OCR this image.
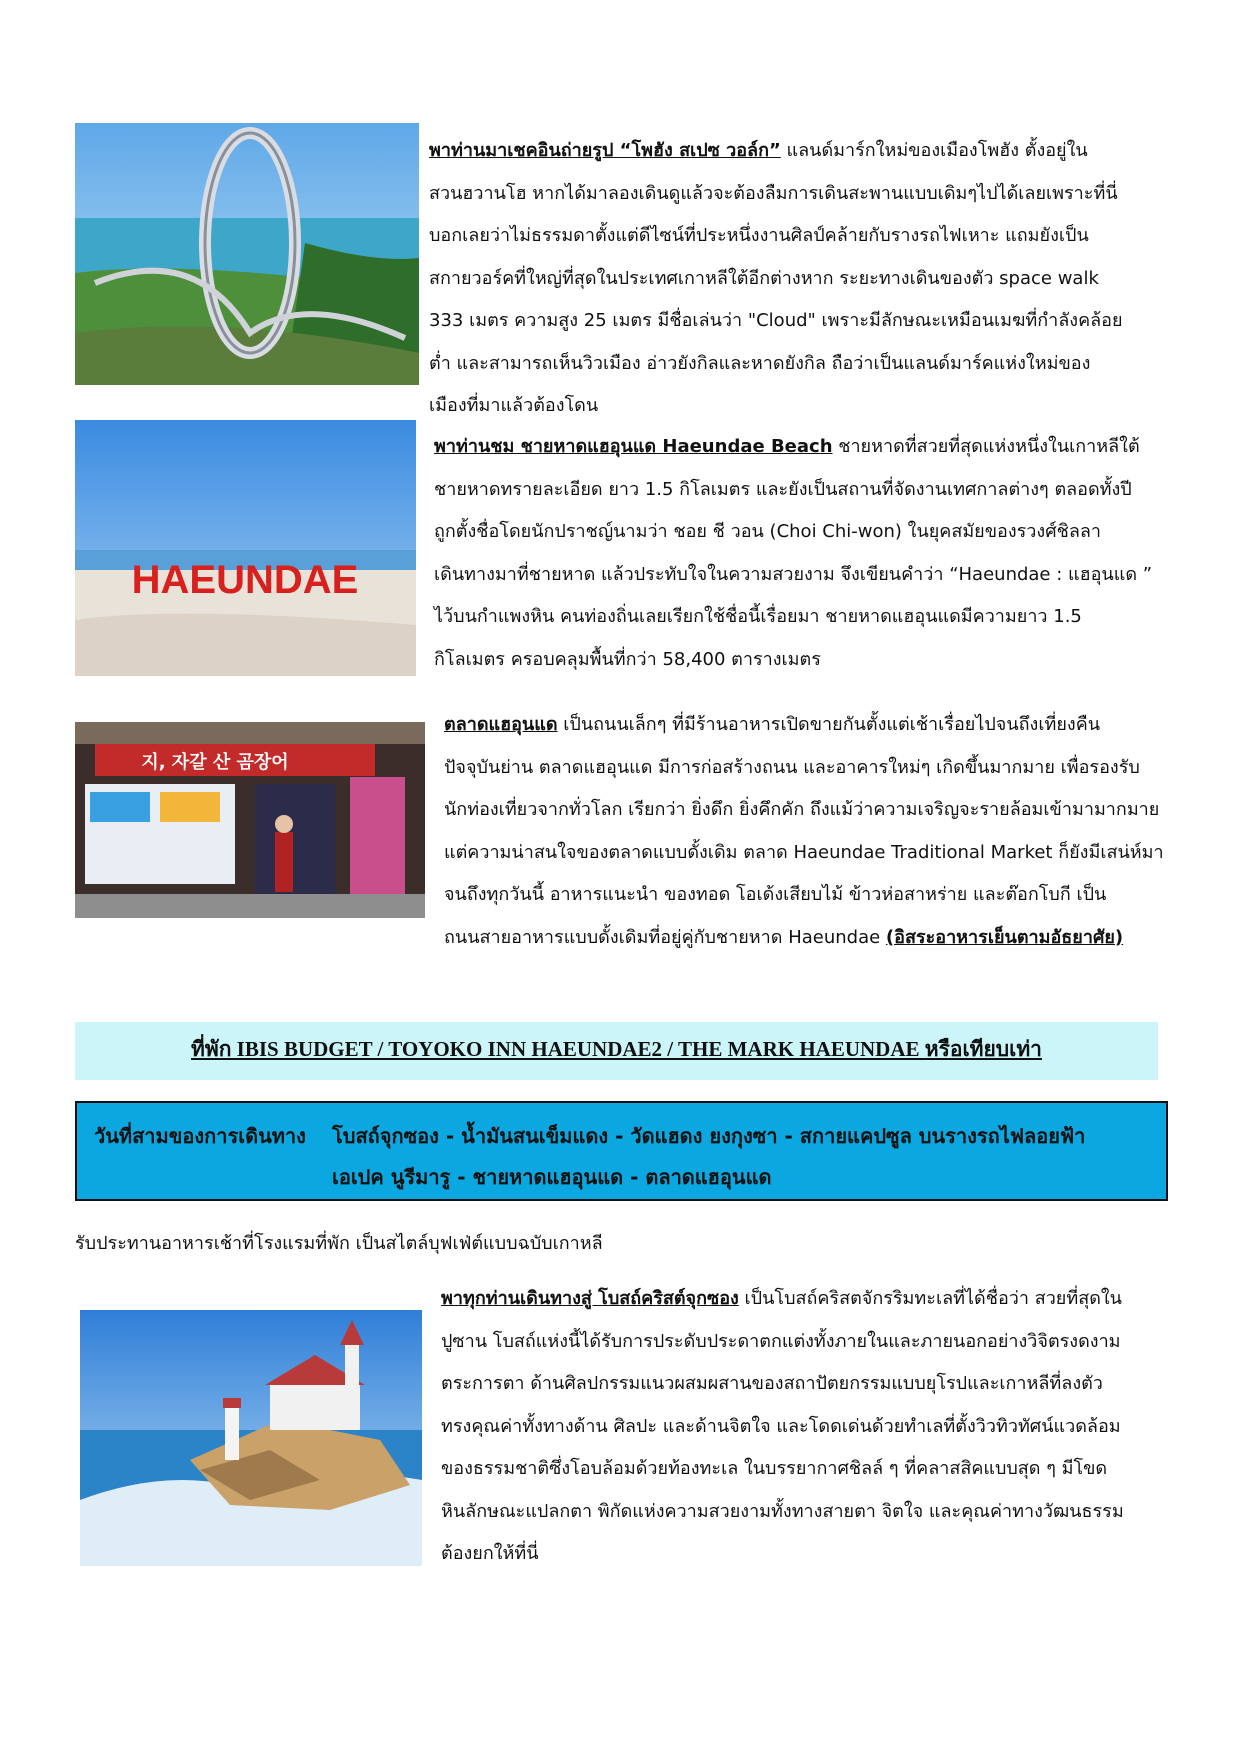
พาท่านมาเชคอินถ่ายรูป “โพฮัง สเปซ วอล์ก” แลนด์มาร์กใหม่ของเมืองโพฮัง ตั้งอยู่ใน
สวนฮวานโฮ หากได้มาลองเดินดูแล้วจะต้องลืมการเดินสะพานแบบเดิมๆไปได้เลยเพราะที่นี่
บอกเลยว่าไม่ธรรมดาตั้งแต่ดีไซน์ที่ประหนึ่งงานศิลป์คล้ายกับรางรถไฟเหาะ แถมยังเป็น
สกายวอร์คที่ใหญ่ที่สุดในประเทศเกาหลีใต้อีกต่างหาก ระยะทางเดินของตัว space walk
333 เมตร ความสูง 25 เมตร มีชื่อเล่นว่า "Cloud" เพราะมีลักษณะเหมือนเมฆที่กำลังคล้อย
ต่ำ และสามารถเห็นวิวเมือง อ่าวยังกิลและหาดยังกิล ถือว่าเป็นแลนด์มาร์คแห่งใหม่ของ
เมืองที่มาแล้วต้องโดน

HAEUNDAE

พาท่านชม ชายหาดแฮอุนแด Haeundae Beach ชายหาดที่สวยที่สุดแห่งหนึ่งในเกาหลีใต้
ชายหาดทรายละเอียด ยาว 1.5 กิโลเมตร และยังเป็นสถานที่จัดงานเทศกาลต่างๆ ตลอดทั้งปี
ถูกตั้งชื่อโดยนักปราชญ์นามว่า ชอย ชี วอน (Choi Chi-won) ในยุคสมัยของรวงศ์ชิลลา
เดินทางมาที่ชายหาด แล้วประทับใจในความสวยงาม จึงเขียนคำว่า “Haeundae : แฮอุนแด ”
ไว้บนกำแพงหิน คนท่องถิ่นเลยเรียกใช้ชื่อนี้เรื่อยมา ชายหาดแฮอุนแดมีความยาว 1.5
กิโลเมตร ครอบคลุมพื้นที่กว่า 58,400 ตารางเมตร

지, 자갈 산 곰장어

ตลาดแฮอุนแด เป็นถนนเล็กๆ ที่มีร้านอาหารเปิดขายกันตั้งแต่เช้าเรื่อยไปจนถึงเที่ยงคืน
ปัจจุบันย่าน ตลาดแฮอุนแด มีการก่อสร้างถนน และอาคารใหม่ๆ เกิดขึ้นมากมาย เพื่อรองรับ
นักท่องเที่ยวจากทั่วโลก เรียกว่า ยิ่งดึก ยิ่งคึกคัก ถึงแม้ว่าความเจริญจะรายล้อมเข้ามามากมาย
แต่ความน่าสนใจของตลาดแบบดั้งเดิม ตลาด Haeundae Traditional Market ก็ยังมีเสน่ห์มา
จนถึงทุกวันนี้ อาหารแนะนำ ของทอด โอเด้งเสียบไม้ ข้าวห่อสาหร่าย และต๊อกโบกี เป็น
ถนนสายอาหารแบบดั้งเดิมที่อยู่คู่กับชายหาด Haeundae (อิสระอาหารเย็นตามอัธยาศัย)

ที่พัก IBIS BUDGET / TOYOKO INN HAEUNDAE2 / THE MARK HAEUNDAE หรือเทียบเท่า
วันที่สามของการเดินทาง โบสถ์จุกซอง - น้ำมันสนเข็มแดง - วัดแฮดง ยงกุงซา - สกายแคปซูล บนรางรถไฟลอยฟ้า
เอเปค นูรีมารู - ชายหาดแฮอุนแด - ตลาดแฮอุนแด
รับประทานอาหารเช้าที่โรงแรมที่พัก เป็นสไตล์บุฟเฟ่ต์แบบฉบับเกาหลี

พาทุกท่านเดินทางสู่ โบสถ์คริสต์จุกซอง เป็นโบสถ์คริสตจักรริมทะเลที่ได้ชื่อว่า สวยที่สุดใน
ปูซาน โบสถ์แห่งนี้ได้รับการประดับประดาตกแต่งทั้งภายในและภายนอกอย่างวิจิตรงดงาม
ตระการตา ด้านศิลปกรรมแนวผสมผสานของสถาปัตยกรรมแบบยุโรปและเกาหลีที่ลงตัว
ทรงคุณค่าทั้งทางด้าน ศิลปะ และด้านจิตใจ และโดดเด่นด้วยทำเลที่ตั้งวิวทิวทัศน์แวดล้อม
ของธรรมชาติซึ่งโอบล้อมด้วยท้องทะเล ในบรรยากาศชิลล์ ๆ ที่คลาสสิคแบบสุด ๆ มีโขด
หินลักษณะแปลกตา พิกัดแห่งความสวยงามทั้งทางสายตา จิตใจ และคุณค่าทางวัฒนธรรม
ต้องยกให้ที่นี่
